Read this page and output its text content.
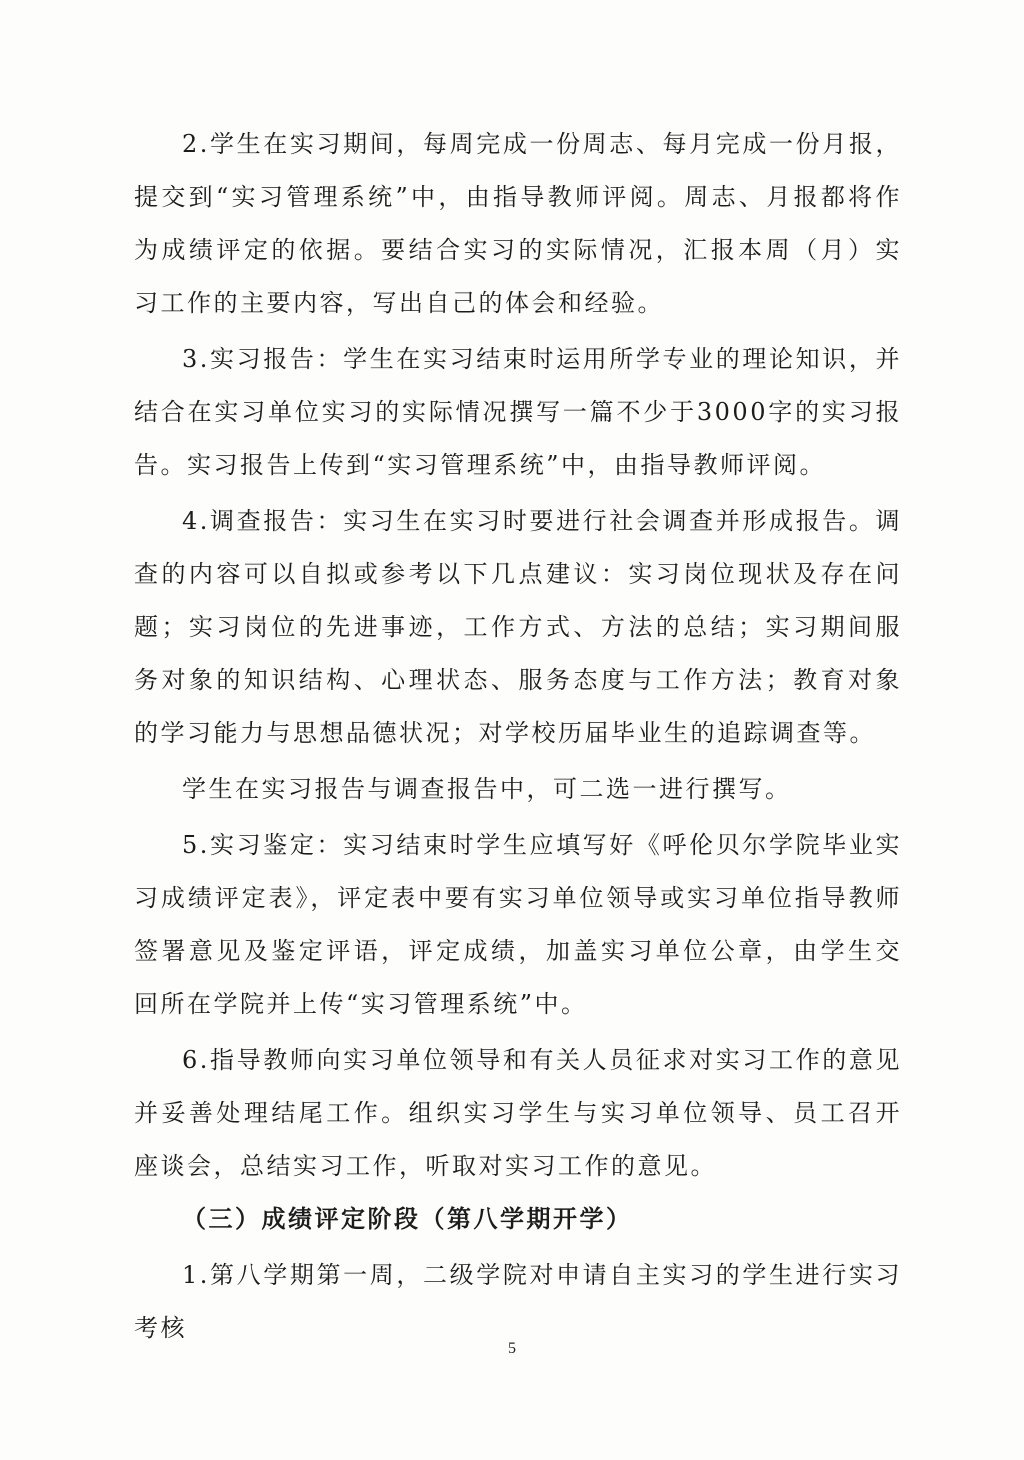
2.学生在实习期间，每周完成一份周志、每月完成一份月报，提交到“实习管理系统”中，由指导教师评阅。周志、月报都将作为成绩评定的依据。要结合实习的实际情况，汇报本周（月）实习工作的主要内容，写出自己的体会和经验。

3.实习报告：学生在实习结束时运用所学专业的理论知识，并结合在实习单位实习的实际情况撰写一篇不少于3000字的实习报告。实习报告上传到“实习管理系统”中，由指导教师评阅。

4.调查报告：实习生在实习时要进行社会调查并形成报告。调查的内容可以自拟或参考以下几点建议：实习岗位现状及存在问题；实习岗位的先进事迹，工作方式、方法的总结；实习期间服务对象的知识结构、心理状态、服务态度与工作方法；教育对象的学习能力与思想品德状况；对学校历届毕业生的追踪调查等。

学生在实习报告与调查报告中，可二选一进行撰写。

5.实习鉴定：实习结束时学生应填写好《呼伦贝尔学院毕业实习成绩评定表》，评定表中要有实习单位领导或实习单位指导教师签署意见及鉴定评语，评定成绩，加盖实习单位公章，由学生交回所在学院并上传“实习管理系统”中。

6.指导教师向实习单位领导和有关人员征求对实习工作的意见并妥善处理结尾工作。组织实习学生与实习单位领导、员工召开座谈会，总结实习工作，听取对实习工作的意见。

（三）成绩评定阶段（第八学期开学）

1.第八学期第一周，二级学院对申请自主实习的学生进行实习考核

5
